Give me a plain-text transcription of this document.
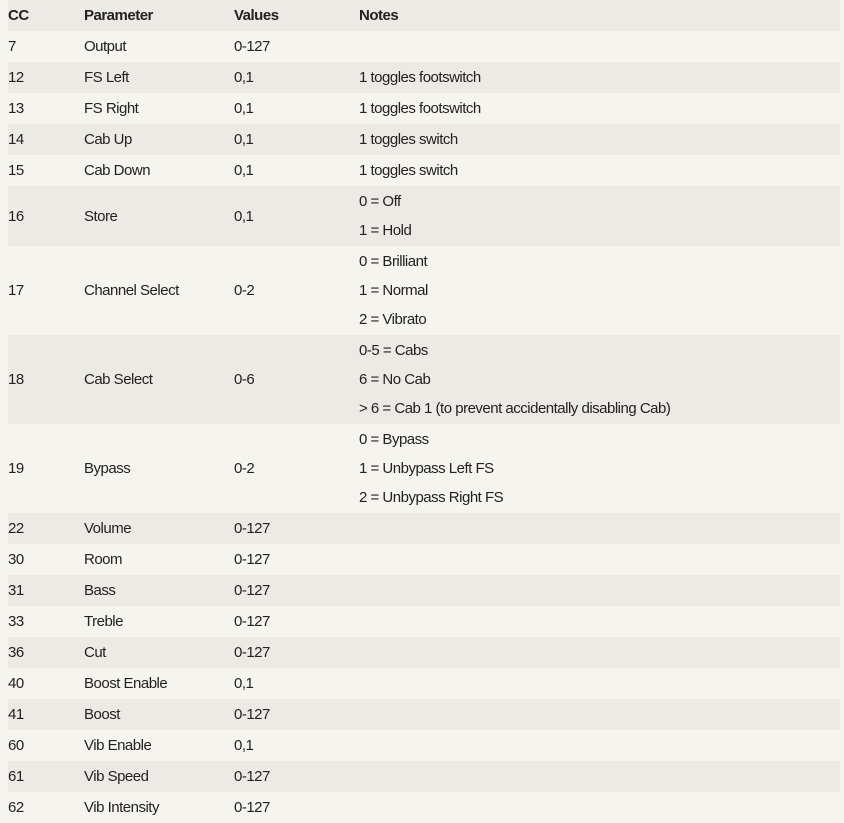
CC	Parameter	Values	Notes
7	Output	0-127
12	FS Left	0,1	1 toggles footswitch
13	FS Right	0,1	1 toggles footswitch
14	Cab Up	0,1	1 toggles switch
15	Cab Down	0,1	1 toggles switch
16	Store	0,1
0 = Off
1 = Hold
17	Channel Select	0-2
0 = Brilliant
1 = Normal
2 = Vibrato
18	Cab Select	0-6
0-5 = Cabs
6 = No Cab
> 6 = Cab 1 (to prevent accidentally disabling Cab)
19	Bypass	0-2
0 = Bypass
1 = Unbypass Left FS
2 = Unbypass Right FS
22	Volume	0-127
30	Room	0-127
31	Bass	0-127
33	Treble	0-127
36	Cut	0-127
40	Boost Enable	0,1
41	Boost	0-127
60	Vib Enable	0,1
61	Vib Speed	0-127
62	Vib Intensity	0-127
